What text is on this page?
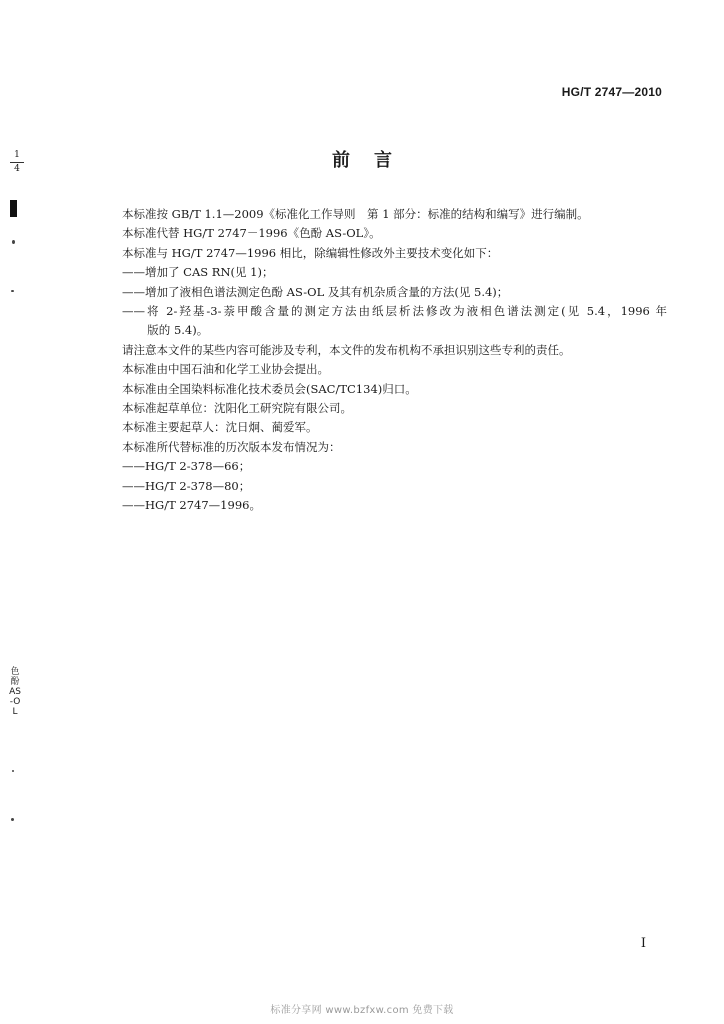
HG/T 2747—2010
前言
1
4
色酚AS-OL

本标准按 GB/T 1.1—2009《标准化工作导则　第 1 部分：标准的结构和编写》进行编制。

本标准代替 HG/T 2747－1996《色酚 AS-OL》。

本标准与 HG/T 2747—1996 相比，除编辑性修改外主要技术变化如下：

——增加了 CAS RN(见 1)；

——增加了液相色谱法测定色酚 AS-OL 及其有机杂质含量的方法(见 5.4)；

——将 2-羟基-3-萘甲酸含量的测定方法由纸层析法修改为液相色谱法测定(见 5.4，1996 年

版的 5.4)。

请注意本文件的某些内容可能涉及专利，本文件的发布机构不承担识别这些专利的责任。

本标准由中国石油和化学工业协会提出。

本标准由全国染料标准化技术委员会(SAC/TC134)归口。

本标准起草单位：沈阳化工研究院有限公司。

本标准主要起草人：沈日炯、蔺爱军。

本标准所代替标准的历次版本发布情况为：

——HG/T 2-378—66；

——HG/T 2-378—80；

——HG/T 2747—1996。

I
标准分享网 www.bzfxw.com 免费下载
